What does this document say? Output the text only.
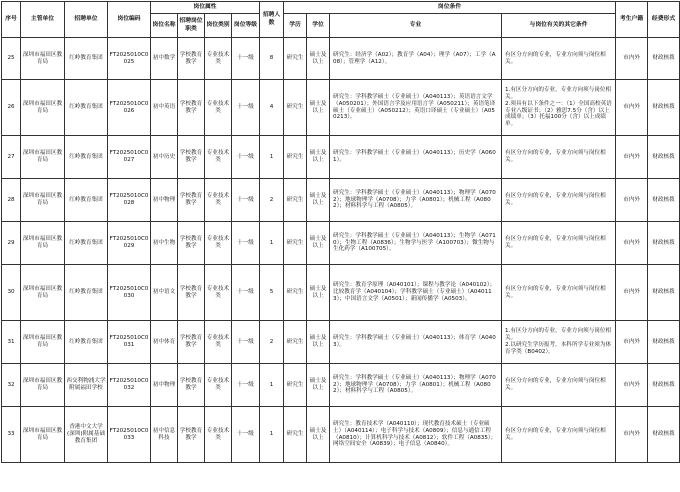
序号	主管单位	招聘单位	岗位编码	岗位属性				招聘人数	岗位条件				考生户籍	经费形式
				岗位名称	招聘岗位职类	岗位类别	岗位等级		学历	学位	专业	与岗位有关的其它条件		
25	深圳市福田区教育局	红岭教育集团	FT2025010C0025	初中数学	学校教育教学	专业技术类	十一级	8	研究生	硕士及以上	研究生：经济学（A02）；教育学（A04）；理学（A07）；工学（A08）；管理学（A12）。	有区分方向的专业，专业方向须与岗位相关。	市内外	财政核拨
26	深圳市福田区教育局	红岭教育集团	FT2025010C0026	初中英语	学校教育教学	专业技术类	十一级	4	研究生	硕士及以上	研究生：学科教学硕士（专业硕士）（A040113）；英语语言文学（A050201）；外国语言学及应用语言学（A050211）；英语笔译硕士（专业硕士）（A050212）；英语口译硕士（专业硕士）（A050213）。	1.有区分方向的专业，专业方向须与岗位相关。
2.须具有以下条件之一：（1）全国高校英语专业八级证书；（2）雅思7.5分（含）以上成绩单；（3）托福100分（含）以上成绩单。	市内外	财政核拨
27	深圳市福田区教育局	红岭教育集团	FT2025010C0027	初中历史	学校教育教学	专业技术类	十一级	1	研究生	硕士及以上	研究生：学科教学硕士（专业硕士）（A040113）；历史学（A0601）。	有区分方向的专业，专业方向须与岗位相关。	市内外	财政核拨
28	深圳市福田区教育局	红岭教育集团	FT2025010C0028	初中物理	学校教育教学	专业技术类	十一级	2	研究生	硕士及以上	研究生：学科教学硕士（专业硕士）（A040113）；物理学（A0702）；地球物理学（A0708）；力学（A0801）；机械工程（A0802）；材料科学与工程（A0805）。	有区分方向的专业，专业方向须与岗位相关。	市内外	财政核拨
29	深圳市福田区教育局	红岭教育集团	FT2025010C0029	初中生物	学校教育教学	专业技术类	十一级	1	研究生	硕士及以上	研究生：学科教学硕士（专业硕士）（A040113）；生物学（A0710）；生物工程（A0836）；生物学与医学（A100703）；微生物与生化药学（A100705）。	有区分方向的专业，专业方向须与岗位相关。	市内外	财政核拨
30	深圳市福田区教育局	红岭教育集团	FT2025010C0030	初中语文	学校教育教学	专业技术类	十一级	5	研究生	硕士及以上	研究生：教育学原理（A040101）；课程与教学论（A040102）；比较教育学（A040104）；学科教学硕士（专业硕士）（A040113）；中国语言文学（A0501）；新闻传播学（A0503）。	有区分方向的专业，专业方向须与岗位相关。	市内外	财政核拨
31	深圳市福田区教育局	红岭教育集团	FT2025010C0031	初中体育	学校教育教学	专业技术类	十一级	2	研究生	硕士及以上	研究生：学科教学硕士（专业硕士）（A040113）；体育学（A0403）。	1.有区分方向的专业，专业方向须与岗位相关。
2.以研究生学历报考，本科所学专业须为体育学类（B0402）。	市内外	财政核拨
32	深圳市福田区教育局	西交利物浦大学附属福田学校	FT2025010C0032	初中物理	学校教育教学	专业技术类	十一级	1	研究生	硕士及以上	研究生：学科教学硕士（专业硕士）（A040113）；物理学（A0702）；地球物理学（A0708）；力学（A0801）；机械工程（A0802）；材料科学与工程（A0805）。	有区分方向的专业，专业方向须与岗位相关。	市内外	财政核拨
33	深圳市福田区教育局	香港中文大学(深圳)附属基础教育集团	FT2025010C0033	初中信息科技	学校教育教学	专业技术类	十一级	1	研究生	硕士及以上	研究生：教育技术学（A040110）；现代教育技术硕士（专业硕士）（A040114）；电子科学与技术（A0809）；信息与通信工程（A0810）；计算机科学与技术（A0812）；软件工程（A0835）；网络空间安全（A0839）；电子信息（A0840）。	有区分方向的专业，专业方向须与岗位相关。	市内外	财政核拨
